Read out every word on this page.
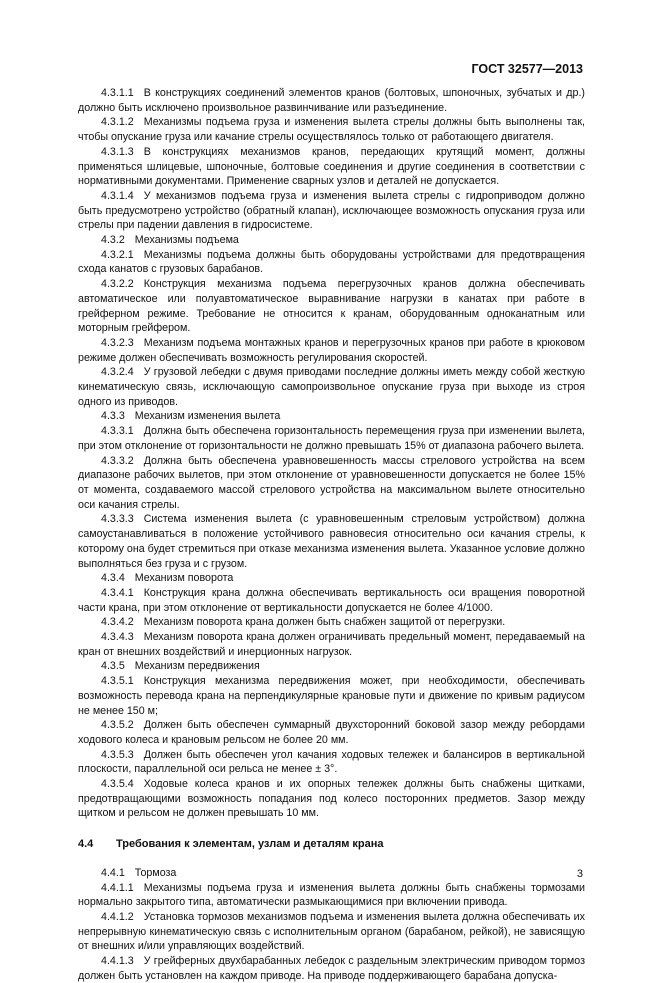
ГОСТ 32577—2013

4.3.1.1 В конструкциях соединений элементов кранов (болтовых, шпоночных, зубчатых и др.) должно быть исключено произвольное развинчивание или разъединение.

4.3.1.2 Механизмы подъема груза и изменения вылета стрелы должны быть выполнены так, чтобы опускание груза или качание стрелы осуществлялось только от работающего двигателя.

4.3.1.3 В конструкциях механизмов кранов, передающих крутящий момент, должны применяться шлицевые, шпоночные, болтовые соединения и другие соединения в соответствии с нормативными документами. Применение сварных узлов и деталей не допускается.

4.3.1.4 У механизмов подъема груза и изменения вылета стрелы с гидроприводом должно быть предусмотрено устройство (обратный клапан), исключающее возможность опускания груза или стрелы при падении давления в гидросистеме.

4.3.2 Механизмы подъема

4.3.2.1 Механизмы подъема должны быть оборудованы устройствами для предотвращения схода канатов с грузовых барабанов.

4.3.2.2 Конструкция механизма подъема перегрузочных кранов должна обеспечивать автоматическое или полуавтоматическое выравнивание нагрузки в канатах при работе в грейферном режиме. Требование не относится к кранам, оборудованным одноканатным или моторным грейфером.

4.3.2.3 Механизм подъема монтажных кранов и перегрузочных кранов при работе в крюковом режиме должен обеспечивать возможность регулирования скоростей.

4.3.2.4 У грузовой лебедки с двумя приводами последние должны иметь между собой жесткую кинематическую связь, исключающую самопроизвольное опускание груза при выходе из строя одного из приводов.

4.3.3 Механизм изменения вылета

4.3.3.1 Должна быть обеспечена горизонтальность перемещения груза при изменении вылета, при этом отклонение от горизонтальности не должно превышать 15% от диапазона рабочего вылета.

4.3.3.2 Должна быть обеспечена уравновешенность массы стрелового устройства на всем диапазоне рабочих вылетов, при этом отклонение от уравновешенности допускается не более 15% от момента, создаваемого массой стрелового устройства на максимальном вылете относительно оси качания стрелы.

4.3.3.3 Система изменения вылета (с уравновешенным стреловым устройством) должна самоустанавливаться в положение устойчивого равновесия относительно оси качания стрелы, к которому она будет стремиться при отказе механизма изменения вылета. Указанное условие должно выполняться без груза и с грузом.

4.3.4 Механизм поворота

4.3.4.1 Конструкция крана должна обеспечивать вертикальность оси вращения поворотной части крана, при этом отклонение от вертикальности допускается не более 4/1000.

4.3.4.2 Механизм поворота крана должен быть снабжен защитой от перегрузки.

4.3.4.3 Механизм поворота крана должен ограничивать предельный момент, передаваемый на кран от внешних воздействий и инерционных нагрузок.

4.3.5 Механизм передвижения

4.3.5.1 Конструкция механизма передвижения может, при необходимости, обеспечивать возможность перевода крана на перпендикулярные крановые пути и движение по кривым радиусом не менее 150 м;

4.3.5.2 Должен быть обеспечен суммарный двухсторонний боковой зазор между ребордами ходового колеса и крановым рельсом не более 20 мм.

4.3.5.3 Должен быть обеспечен угол качания ходовых тележек и балансиров в вертикальной плоскости, параллельной оси рельса не менее ± 3°.

4.3.5.4 Ходовые колеса кранов и их опорных тележек должны быть снабжены щитками, предотвращающими возможность попадания под колесо посторонних предметов. Зазор между щитком и рельсом не должен превышать 10 мм.

4.4 Требования к элементам, узлам и деталям крана

4.4.1 Тормоза

4.4.1.1 Механизмы подъема груза и изменения вылета должны быть снабжены тормозами нормально закрытого типа, автоматически размыкающимися при включении привода.

4.4.1.2 Установка тормозов механизмов подъема и изменения вылета должна обеспечивать их непрерывную кинематическую связь с исполнительным органом (барабаном, рейкой), не зависящую от внешних и/или управляющих воздействий.

4.4.1.3 У грейферных двухбарабанных лебедок с раздельным электрическим приводом тормоз должен быть установлен на каждом приводе. На приводе поддерживающего барабана допуска-

3
